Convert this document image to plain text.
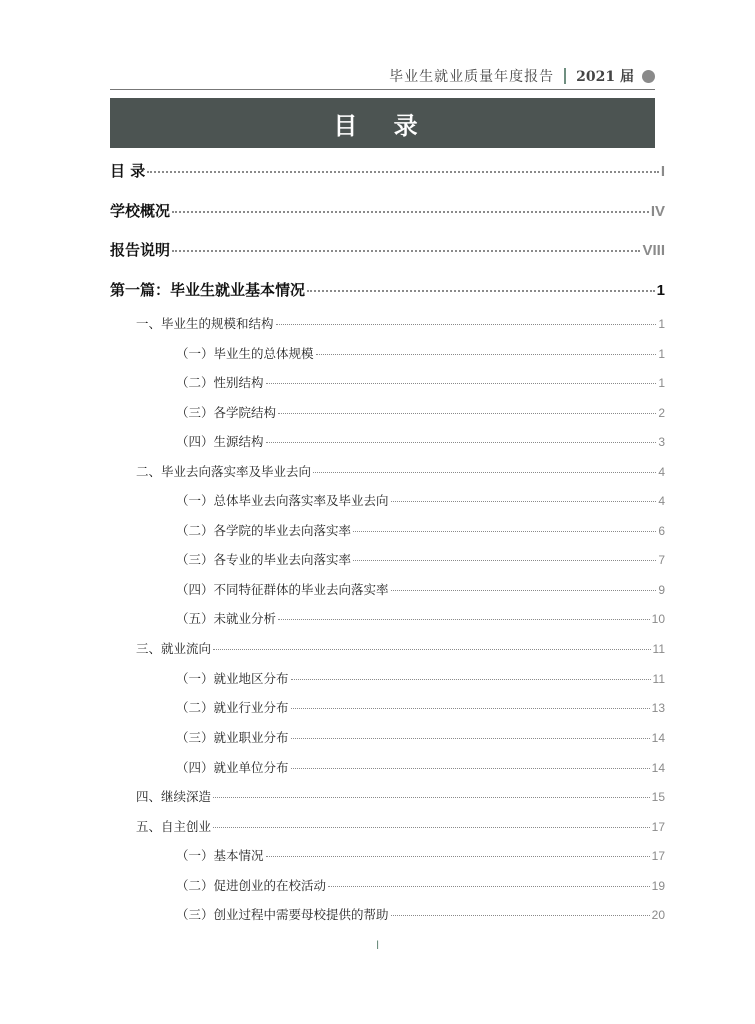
毕业生就业质量年度报告 2021 届
目 录
目 录	I
学校概况	IV
报告说明	VIII
第一篇：毕业生就业基本情况	1
一、毕业生的规模和结构	1
（一）毕业生的总体规模	1
（二）性别结构	1
（三）各学院结构	2
（四）生源结构	3
二、毕业去向落实率及毕业去向	4
（一）总体毕业去向落实率及毕业去向	4
（二）各学院的毕业去向落实率	6
（三）各专业的毕业去向落实率	7
（四）不同特征群体的毕业去向落实率	9
（五）未就业分析	10
三、就业流向	11
（一）就业地区分布	11
（二）就业行业分布	13
（三）就业职业分布	14
（四）就业单位分布	14
四、继续深造	15
五、自主创业	17
（一）基本情况	17
（二）促进创业的在校活动	19
（三）创业过程中需要母校提供的帮助	20
I
